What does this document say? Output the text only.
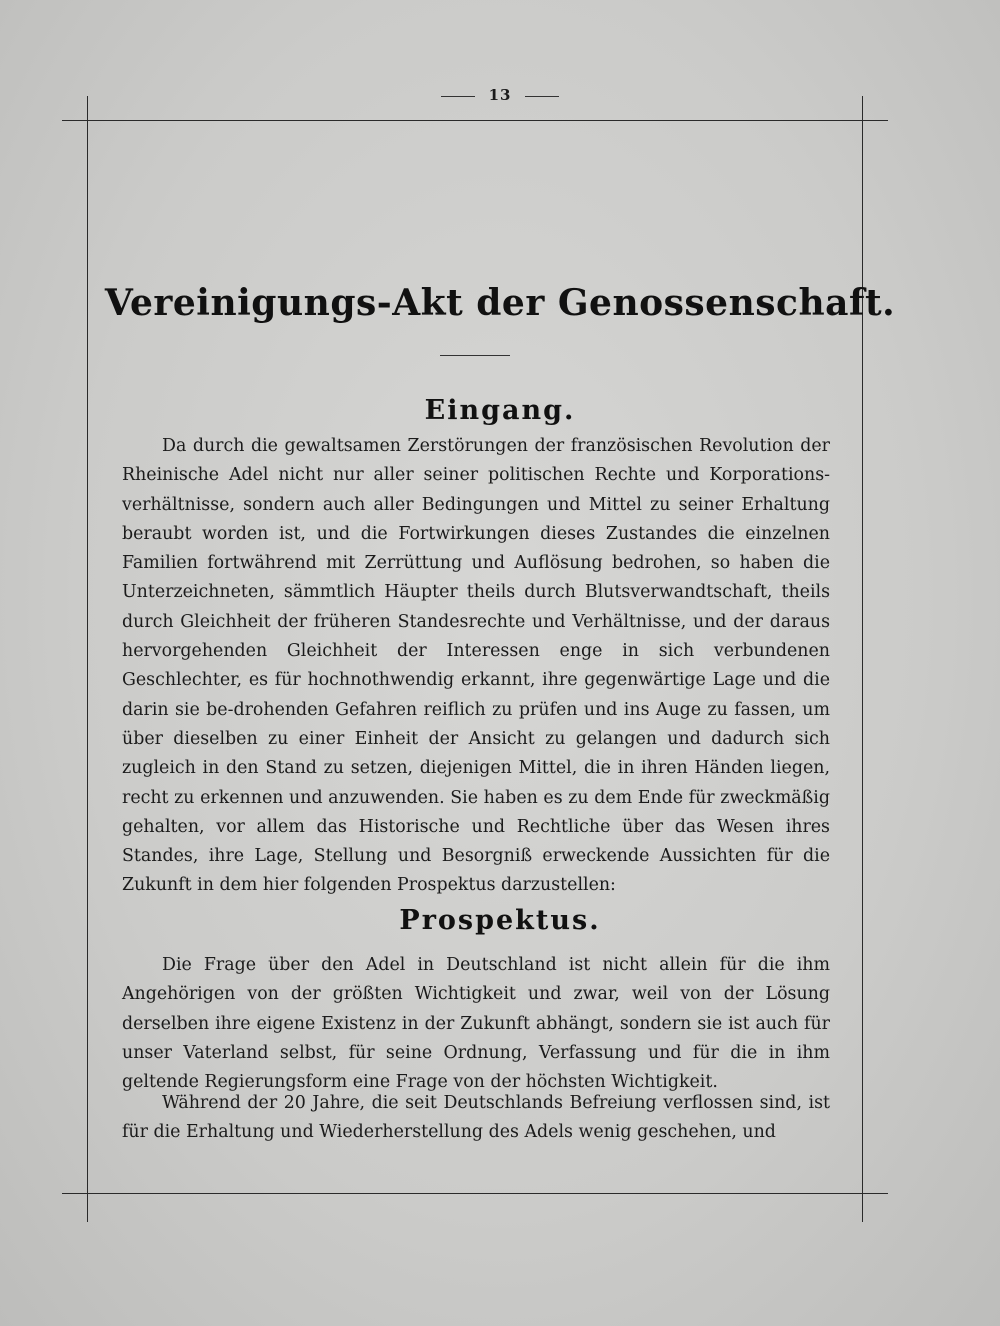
13
Vereinigungs-Akt der Genossenschaft.
Eingang.

Da durch die gewaltsamen Zerstörungen der französischen Revolution der Rheinische Adel nicht nur aller seiner politischen Rechte und Korporations-verhältnisse, sondern auch aller Bedingungen und Mittel zu seiner Erhaltung beraubt worden ist, und die Fortwirkungen dieses Zustandes die einzelnen Familien fortwährend mit Zerrüttung und Auflösung bedrohen, so haben die Unterzeichneten, sämmtlich Häupter theils durch Blutsverwandtschaft, theils durch Gleichheit der früheren Standesrechte und Verhältnisse, und der daraus hervorgehenden Gleichheit der Interessen enge in sich verbundenen Geschlechter, es für hochnothwendig erkannt, ihre gegenwärtige Lage und die darin sie be-drohenden Gefahren reiflich zu prüfen und ins Auge zu fassen, um über dieselben zu einer Einheit der Ansicht zu gelangen und dadurch sich zugleich in den Stand zu setzen, diejenigen Mittel, die in ihren Händen liegen, recht zu erkennen und anzuwenden. Sie haben es zu dem Ende für zweckmäßig gehalten, vor allem das Historische und Rechtliche über das Wesen ihres Standes, ihre Lage, Stellung und Besorgniß erweckende Aussichten für die Zukunft in dem hier folgenden Prospektus darzustellen:

Prospektus.

Die Frage über den Adel in Deutschland ist nicht allein für die ihm Angehörigen von der größten Wichtigkeit und zwar, weil von der Lösung derselben ihre eigene Existenz in der Zukunft abhängt, sondern sie ist auch für unser Vaterland selbst, für seine Ordnung, Verfassung und für die in ihm geltende Regierungsform eine Frage von der höchsten Wichtigkeit.

Während der 20 Jahre, die seit Deutschlands Befreiung verflossen sind, ist für die Erhaltung und Wiederherstellung des Adels wenig geschehen, und
